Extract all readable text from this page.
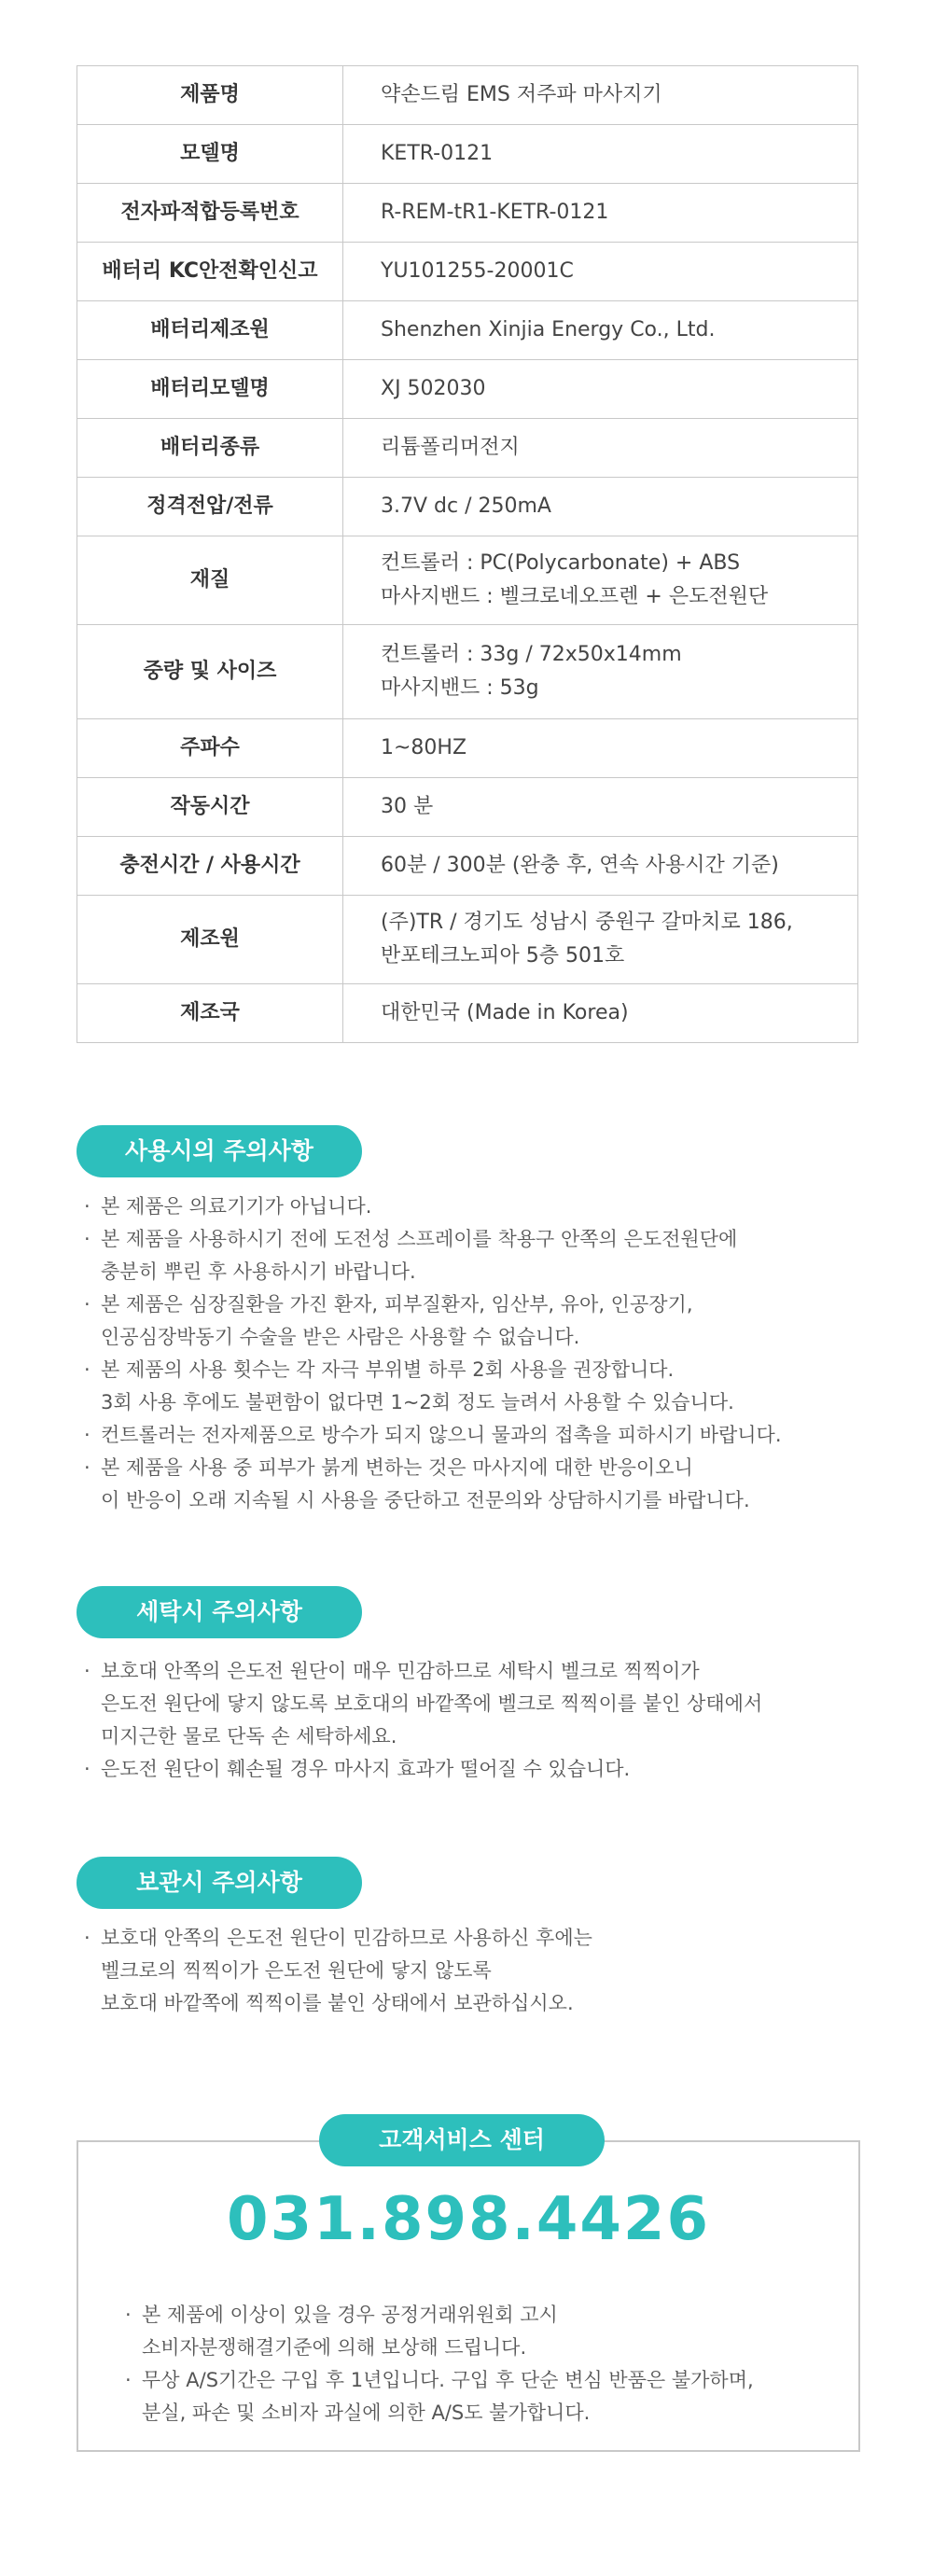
제품명	약손드림 EMS 저주파 마사지기

모델명	KETR-0121

전자파적합등록번호	R-REM-tR1-KETR-0121

배터리 KC안전확인신고	YU101255-20001C

배터리제조원	Shenzhen Xinjia Energy Co., Ltd.

배터리모델명	XJ 502030

배터리종류	리튬폴리머전지

정격전압/전류	3.7V dc / 250mA

재질	컨트롤러 : PC(Polycarbonate) + ABS
마사지밴드 : 벨크로네오프렌 + 은도전원단

중량 및 사이즈	컨트롤러 : 33g / 72x50x14mm
마사지밴드 : 53g

주파수	1~80HZ

작동시간	30 분

충전시간 / 사용시간	60분 / 300분 (완충 후, 연속 사용시간 기준)

제조원	(주)TR / 경기도 성남시 중원구 갈마치로 186,
반포테크노피아 5층 501호

제조국	대한민국 (Made in Korea)
사용시의 주의사항
· 본 제품은 의료기기가 아닙니다.
· 본 제품을 사용하시기 전에 도전성 스프레이를 착용구 안쪽의 은도전원단에
충분히 뿌린 후 사용하시기 바랍니다.
· 본 제품은 심장질환을 가진 환자, 피부질환자, 임산부, 유아, 인공장기,
인공심장박동기 수술을 받은 사람은 사용할 수 없습니다.
· 본 제품의 사용 횟수는 각 자극 부위별 하루 2회 사용을 권장합니다.
3회 사용 후에도 불편함이 없다면 1~2회 정도 늘려서 사용할 수 있습니다.
· 컨트롤러는 전자제품으로 방수가 되지 않으니 물과의 접촉을 피하시기 바랍니다.
· 본 제품을 사용 중 피부가 붉게 변하는 것은 마사지에 대한 반응이오니
이 반응이 오래 지속될 시 사용을 중단하고 전문의와 상담하시기를 바랍니다.
세탁시 주의사항
· 보호대 안쪽의 은도전 원단이 매우 민감하므로 세탁시 벨크로 찍찍이가
은도전 원단에 닿지 않도록 보호대의 바깥쪽에 벨크로 찍찍이를 붙인 상태에서
미지근한 물로 단독 손 세탁하세요.
· 은도전 원단이 훼손될 경우 마사지 효과가 떨어질 수 있습니다.
보관시 주의사항
· 보호대 안쪽의 은도전 원단이 민감하므로 사용하신 후에는
벨크로의 찍찍이가 은도전 원단에 닿지 않도록
보호대 바깥쪽에 찍찍이를 붙인 상태에서 보관하십시오.
고객서비스 센터
031.898.4426
· 본 제품에 이상이 있을 경우 공정거래위원회 고시
소비자분쟁해결기준에 의해 보상해 드립니다.
· 무상 A/S기간은 구입 후 1년입니다. 구입 후 단순 변심 반품은 불가하며,
분실, 파손 및 소비자 과실에 의한 A/S도 불가합니다.
